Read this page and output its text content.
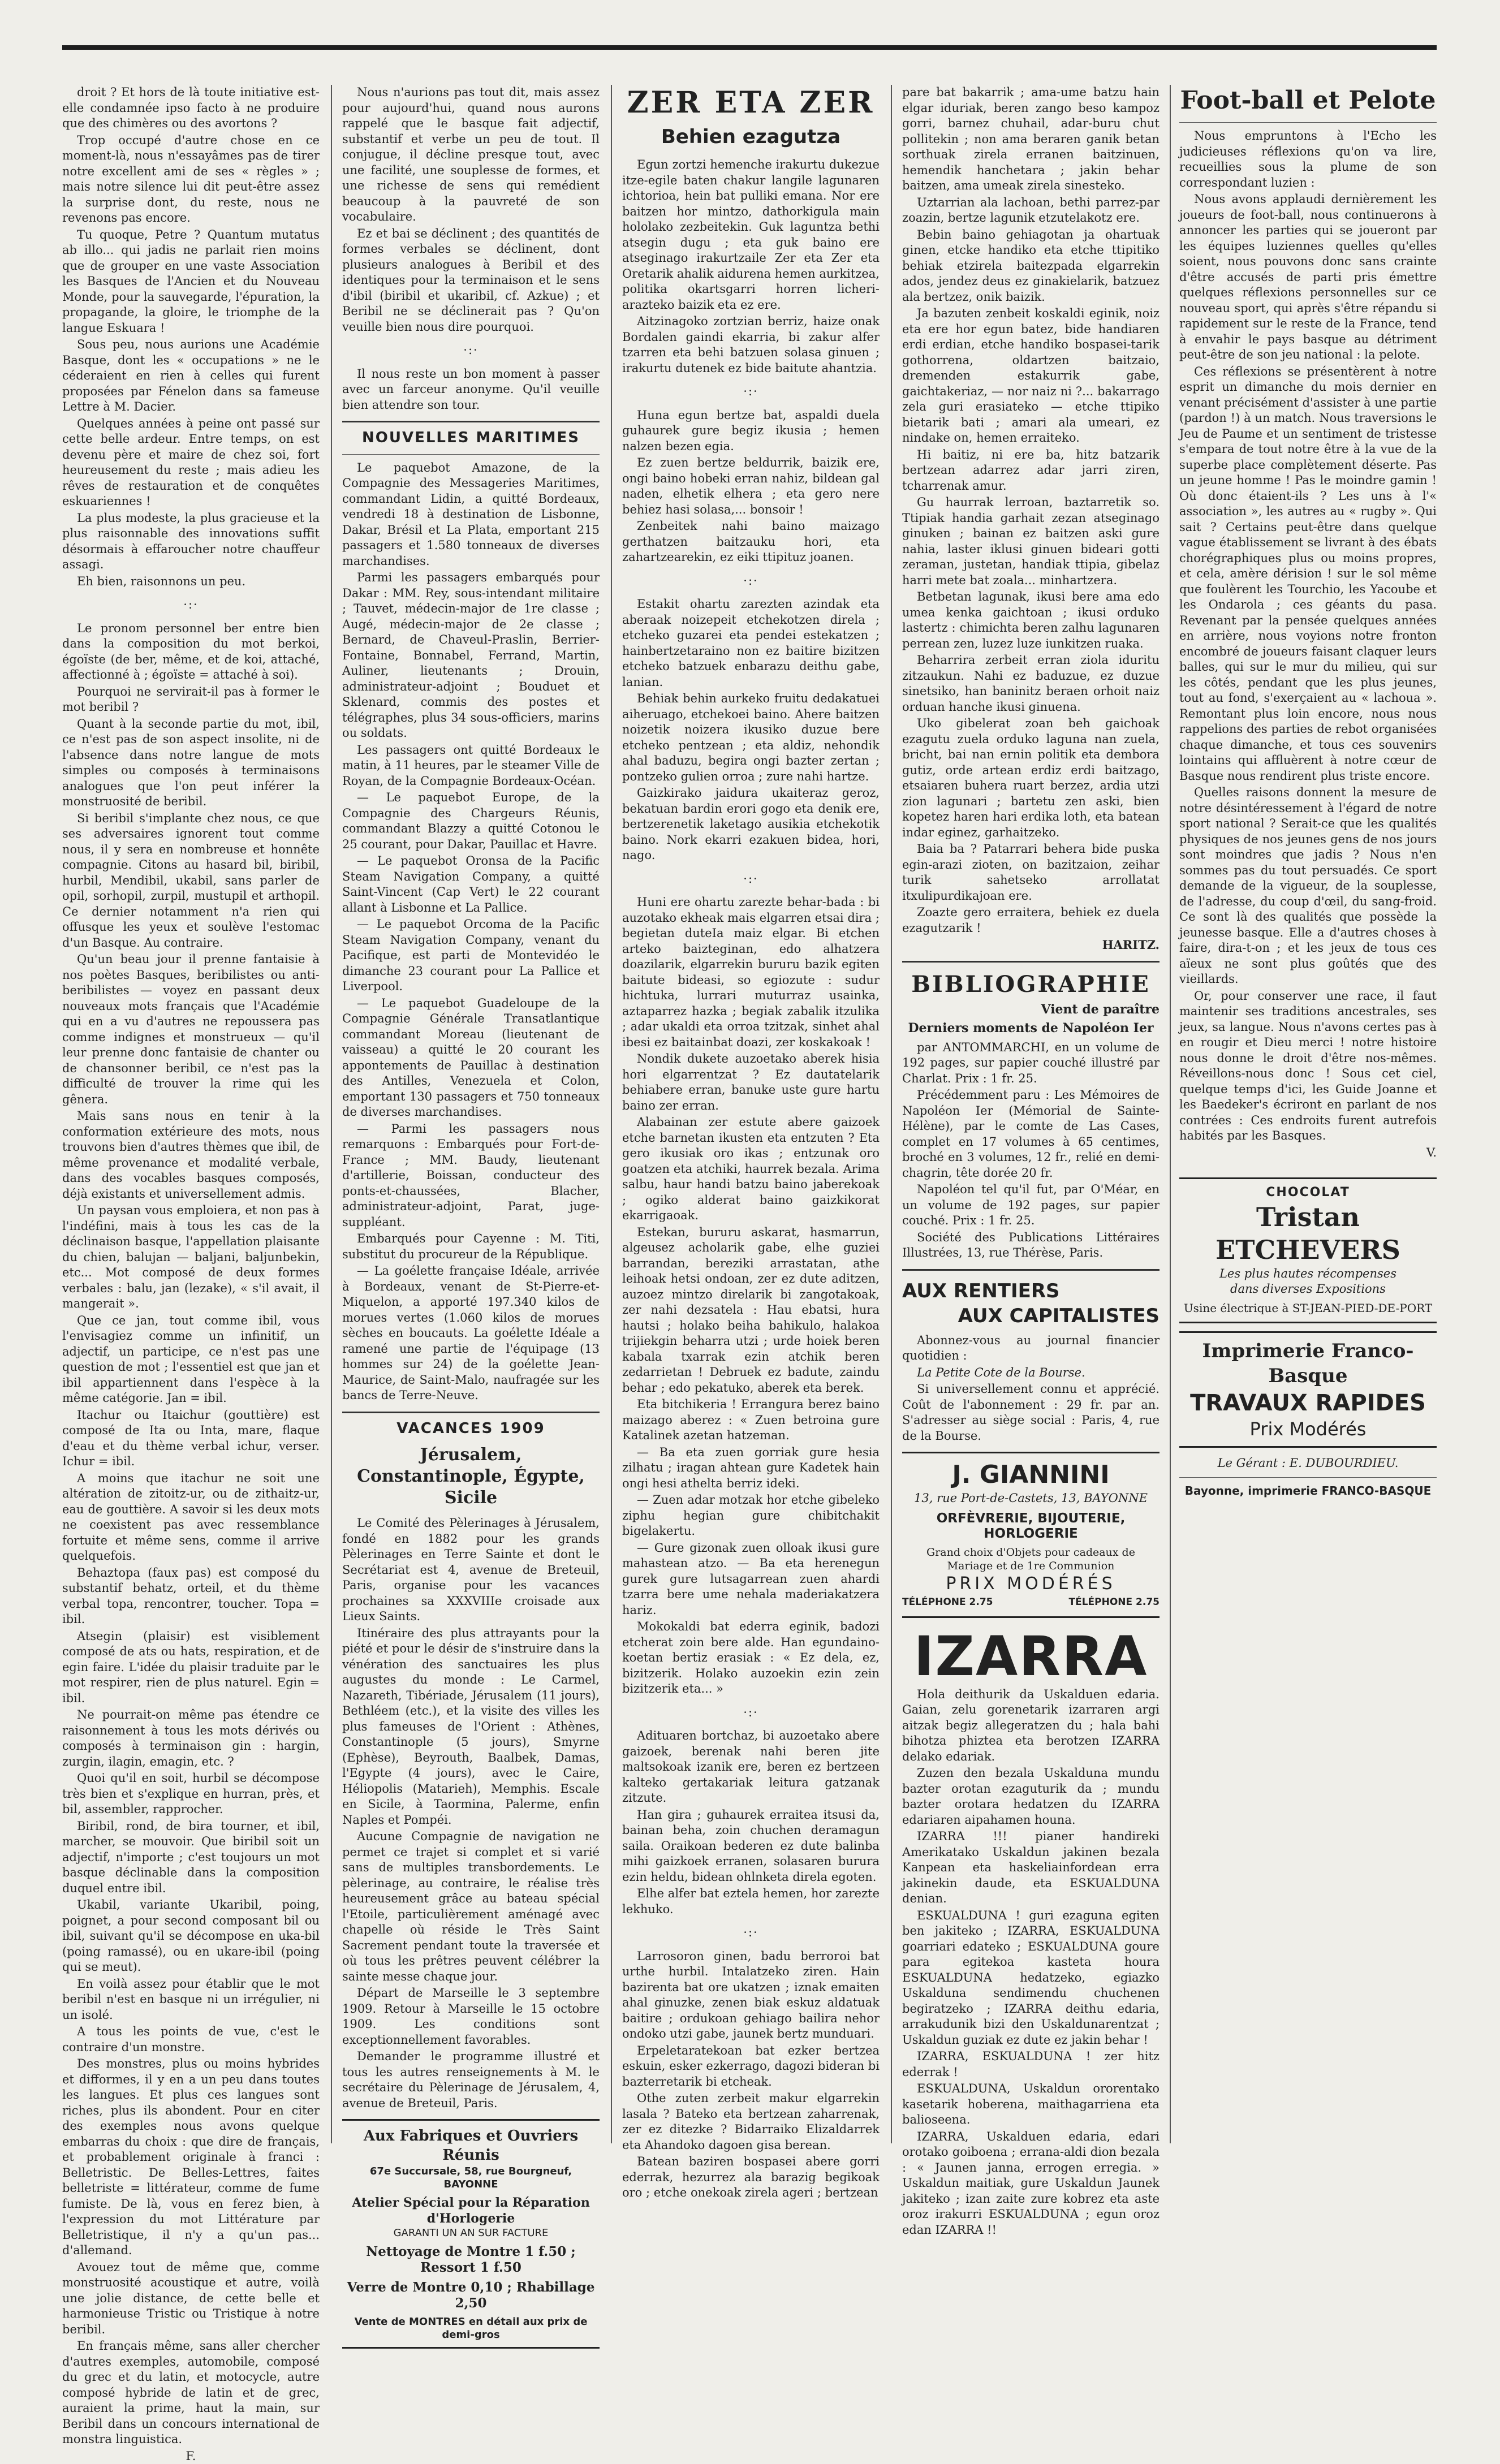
droit ? Et hors de là toute initiative est-elle condamnée ipso facto à ne produire que des chimères ou des avortons ?

Trop occupé d'autre chose en ce moment-là, nous n'essayâmes pas de tirer notre excellent ami de ses « règles » ; mais notre silence lui dit peut-être assez la surprise dont, du reste, nous ne revenons pas encore.

Tu quoque, Petre ? Quantum mutatus ab illo... qui jadis ne parlait rien moins que de grouper en une vaste Association les Basques de l'Ancien et du Nouveau Monde, pour la sauvegarde, l'épuration, la propagande, la gloire, le triomphe de la langue Eskuara !

Sous peu, nous aurions une Académie Basque, dont les « occupations » ne le céderaient en rien à celles qui furent proposées par Fénelon dans sa fameuse Lettre à M. Dacier.

Quelques années à peine ont passé sur cette belle ardeur. Entre temps, on est devenu père et maire de chez soi, fort heureusement du reste ; mais adieu les rêves de restauration et de conquêtes eskuariennes !

La plus modeste, la plus gracieuse et la plus raisonnable des innovations suffit désormais à effaroucher notre chauffeur assagi.

Eh bien, raisonnons un peu.

·:·

Le pronom personnel ber entre bien dans la composition du mot berkoi, égoïste (de ber, même, et de koi, attaché, affectionné à ; égoïste = attaché à soi).

Pourquoi ne servirait-il pas à former le mot beribil ?

Quant à la seconde partie du mot, ibil, ce n'est pas de son aspect insolite, ni de l'absence dans notre langue de mots simples ou composés à terminaisons analogues que l'on peut inférer la monstruosité de beribil.

Si beribil s'implante chez nous, ce que ses adversaires ignorent tout comme nous, il y sera en nombreuse et honnête compagnie. Citons au hasard bil, biribil, hurbil, Mendibil, ukabil, sans parler de opil, sorhopil, zurpil, mustupil et arthopil. Ce dernier notamment n'a rien qui offusque les yeux et soulève l'estomac d'un Basque. Au contraire.

Qu'un beau jour il prenne fantaisie à nos poètes Basques, beribilistes ou anti-beribilistes — voyez en passant deux nouveaux mots français que l'Académie qui en a vu d'autres ne repoussera pas comme indignes et monstrueux — qu'il leur prenne donc fantaisie de chanter ou de chansonner beribil, ce n'est pas la difficulté de trouver la rime qui les gênera.

Mais sans nous en tenir à la conformation extérieure des mots, nous trouvons bien d'autres thèmes que ibil, de même provenance et modalité verbale, dans des vocables basques composés, déjà existants et universellement admis.

Un paysan vous emploiera, et non pas à l'indéfini, mais à tous les cas de la déclinaison basque, l'appellation plaisante du chien, balujan — baljani, baljunbekin, etc... Mot composé de deux formes verbales : balu, jan (lezake), « s'il avait, il mangerait ».

Que ce jan, tout comme ibil, vous l'envisagiez comme un infinitif, un adjectif, un participe, ce n'est pas une question de mot ; l'essentiel est que jan et ibil appartiennent dans l'espèce à la même catégorie. Jan = ibil.

Itachur ou Itaichur (gouttière) est composé de Ita ou Inta, mare, flaque d'eau et du thème verbal ichur, verser. Ichur = ibil.

A moins que itachur ne soit une altération de zitoitz-ur, ou de zithaitz-ur, eau de gouttière. A savoir si les deux mots ne coexistent pas avec ressemblance fortuite et même sens, comme il arrive quelquefois.

Behaztopa (faux pas) est composé du substantif behatz, orteil, et du thème verbal topa, rencontrer, toucher. Topa = ibil.

Atsegin (plaisir) est visiblement composé de ats ou hats, respiration, et de egin faire. L'idée du plaisir traduite par le mot respirer, rien de plus naturel. Egin = ibil.

Ne pourrait-on même pas étendre ce raisonnement à tous les mots dérivés ou composés à terminaison gin : hargin, zurgin, ilagin, emagin, etc. ?

Quoi qu'il en soit, hurbil se décompose très bien et s'explique en hurran, près, et bil, assembler, rapprocher.

Biribil, rond, de bira tourner, et ibil, marcher, se mouvoir. Que biribil soit un adjectif, n'importe ; c'est toujours un mot basque déclinable dans la composition duquel entre ibil.

Ukabil, variante Ukaribil, poing, poignet, a pour second composant bil ou ibil, suivant qu'il se décompose en uka-bil (poing ramassé), ou en ukare-ibil (poing qui se meut).

En voilà assez pour établir que le mot beribil n'est en basque ni un irrégulier, ni un isolé.

A tous les points de vue, c'est le contraire d'un monstre.

Des monstres, plus ou moins hybrides et difformes, il y en a un peu dans toutes les langues. Et plus ces langues sont riches, plus ils abondent. Pour en citer des exemples nous avons quelque embarras du choix : que dire de français, et probablement originale à franci : Belletristic. De Belles-Lettres, faites belletriste = littérateur, comme de fume fumiste. De là, vous en ferez bien, à l'expression du mot Littérature par Belletristique, il n'y a qu'un pas... d'allemand.

Avouez tout de même que, comme monstruosité acoustique et autre, voilà une jolie distance, de cette belle et harmonieuse Tristic ou Tristique à notre beribil.

En français même, sans aller chercher d'autres exemples, automobile, composé du grec et du latin, et motocycle, autre composé hybride de latin et de grec, auraient la prime, haut la main, sur Beribil dans un concours international de monstra linguistica.

F.

Nous n'aurions pas tout dit, mais assez pour aujourd'hui, quand nous aurons rappelé que le basque fait adjectif, substantif et verbe un peu de tout. Il conjugue, il décline presque tout, avec une facilité, une souplesse de formes, et une richesse de sens qui remédient beaucoup à la pauvreté de son vocabulaire.

Ez et bai se déclinent ; des quantités de formes verbales se déclinent, dont plusieurs analogues à Beribil et des identiques pour la terminaison et le sens d'ibil (biribil et ukaribil, cf. Azkue) ; et Beribil ne se déclinerait pas ? Qu'on veuille bien nous dire pourquoi.

·:·

Il nous reste un bon moment à passer avec un farceur anonyme. Qu'il veuille bien attendre son tour.

NOUVELLES MARITIMES

Le paquebot Amazone, de la Compagnie des Messageries Maritimes, commandant Lidin, a quitté Bordeaux, vendredi 18 à destination de Lisbonne, Dakar, Brésil et La Plata, emportant 215 passagers et 1.580 tonneaux de diverses marchandises.

Parmi les passagers embarqués pour Dakar : MM. Rey, sous-intendant militaire ; Tauvet, médecin-major de 1re classe ; Augé, médecin-major de 2e classe ; Bernard, de Chaveul-Praslin, Berrier-Fontaine, Bonnabel, Ferrand, Martin, Auliner, lieutenants ; Drouin, administrateur-adjoint ; Bouduet et Sklenard, commis des postes et télégraphes, plus 34 sous-officiers, marins ou soldats.

Les passagers ont quitté Bordeaux le matin, à 11 heures, par le steamer Ville de Royan, de la Compagnie Bordeaux-Océan.

— Le paquebot Europe, de la Compagnie des Chargeurs Réunis, commandant Blazzy a quitté Cotonou le 25 courant, pour Dakar, Pauillac et Havre.

— Le paquebot Oronsa de la Pacific Steam Navigation Company, a quitté Saint-Vincent (Cap Vert) le 22 courant allant à Lisbonne et La Pallice.

— Le paquebot Orcoma de la Pacific Steam Navigation Company, venant du Pacifique, est parti de Montevidéo le dimanche 23 courant pour La Pallice et Liverpool.

— Le paquebot Guadeloupe de la Compagnie Générale Transatlantique commandant Moreau (lieutenant de vaisseau) a quitté le 20 courant les appontements de Pauillac à destination des Antilles, Venezuela et Colon, emportant 130 passagers et 750 tonneaux de diverses marchandises.

— Parmi les passagers nous remarquons : Embarqués pour Fort-de-France ; MM. Baudy, lieutenant d'artillerie, Boissan, conducteur des ponts-et-chaussées, Blacher, administrateur-adjoint, Parat, juge-suppléant.

Embarqués pour Cayenne : M. Titi, substitut du procureur de la République.

— La goélette française Idéale, arrivée à Bordeaux, venant de St-Pierre-et-Miquelon, a apporté 197.340 kilos de morues vertes (1.060 kilos de morues sèches en boucauts. La goélette Idéale a ramené une partie de l'équipage (13 hommes sur 24) de la goélette Jean-Maurice, de Saint-Malo, naufragée sur les bancs de Terre-Neuve.

VACANCES 1909
Jérusalem, Constantinople, Égypte, Sicile

Le Comité des Pèlerinages à Jérusalem, fondé en 1882 pour les grands Pèlerinages en Terre Sainte et dont le Secrétariat est 4, avenue de Breteuil, Paris, organise pour les vacances prochaines sa XXXVIIIe croisade aux Lieux Saints.

Itinéraire des plus attrayants pour la piété et pour le désir de s'instruire dans la vénération des sanctuaires les plus augustes du monde : Le Carmel, Nazareth, Tibériade, Jérusalem (11 jours), Bethléem (etc.), et la visite des villes les plus fameuses de l'Orient : Athènes, Constantinople (5 jours), Smyrne (Ephèse), Beyrouth, Baalbek, Damas, l'Egypte (4 jours), avec le Caire, Héliopolis (Matarieh), Memphis. Escale en Sicile, à Taormina, Palerme, enfin Naples et Pompéi.

Aucune Compagnie de navigation ne permet ce trajet si complet et si varié sans de multiples transbordements. Le pèlerinage, au contraire, le réalise très heureusement grâce au bateau spécial l'Etoile, particulièrement aménagé avec chapelle où réside le Très Saint Sacrement pendant toute la traversée et où tous les prêtres peuvent célébrer la sainte messe chaque jour.

Départ de Marseille le 3 septembre 1909. Retour à Marseille le 15 octobre 1909. Les conditions sont exceptionnellement favorables.

Demander le programme illustré et tous les autres renseignements à M. le secrétaire du Pèlerinage de Jérusalem, 4, avenue de Breteuil, Paris.

Aux Fabriques et Ouvriers Réunis
67e Succursale, 58, rue Bourgneuf, BAYONNE
Atelier Spécial pour la Réparation d'Horlogerie
GARANTI UN AN SUR FACTURE
Nettoyage de Montre 1 f.50 ; Ressort 1 f.50
Verre de Montre 0,10 ; Rhabillage 2,50
Vente de MONTRES en détail aux prix de demi-gros
ZER ETA ZER
Behien ezagutza

Egun zortzi hemenche irakurtu dukezue itze-egile baten chakur langile lagunaren ichtorioa, hein bat pulliki emana. Nor ere baitzen hor mintzo, dathorkigula main hololako zezbeitekin. Guk laguntza bethi atsegin dugu ; eta guk baino ere atseginago irakurtzaile Zer eta Zer eta Oretarik ahalik aidurena hemen aurkitzea, politika okartsgarri horren licheri-arazteko baizik eta ez ere.

Aitzinagoko zortzian berriz, haize onak Bordalen gaindi ekarria, bi zakur alfer tzarren eta behi batzuen solasa ginuen ; irakurtu dutenek ez bide baitute ahantzia.

·:·

Huna egun bertze bat, aspaldi duela guhaurek gure begiz ikusia ; hemen nalzen bezen egia.

Ez zuen bertze beldurrik, baizik ere, ongi baino hobeki erran nahiz, bildean gal naden, elhetik elhera ; eta gero nere behiez hasi solasa,... bonsoir !

Zenbeitek nahi baino maizago gerthatzen baitzauku hori, eta zahartzearekin, ez eiki ttipituz joanen.

·:·

Estakit ohartu zarezten azindak eta aberaak noizepeit etchekotzen direla ; etcheko guzarei eta pendei estekatzen ; hainbertzetaraino non ez baitire bizitzen etcheko batzuek enbarazu deithu gabe, lanian.

Behiak behin aurkeko fruitu dedakatuei aiheruago, etchekoei baino. Ahere baitzen noizetik noizera ikusiko duzue bere etcheko pentzean ; eta aldiz, nehondik ahal baduzu, begira ongi bazter zertan ; pontzeko gulien orroa ; zure nahi hartze.

Gaizkirako jaidura ukaiteraz geroz, bekatuan bardin erori gogo eta denik ere, bertzerenetik laketago ausikia etchekotik baino. Nork ekarri ezakuen bidea, hori, nago.

·:·

Huni ere ohartu zarezte behar-bada : bi auzotako ekheak mais elgarren etsai dira ; begietan duteIa maiz elgar. Bi etchen arteko baizteginan, edo alhatzera doazilarik, elgarrekin bururu bazik egiten baitute bideasi, so egiozute : sudur hichtuka, lurrari muturraz usainka, aztaparrez hazka ; begiak zabalik itzulika ; adar ukaldi eta orroa tzitzak, sinhet ahal ibesi ez baitainbat doazi, zer koskakoak !

Nondik dukete auzoetako aberek hisia hori elgarrentzat ? Ez dautatelarik behiabere erran, banuke uste gure hartu baino zer erran.

Alabainan zer estute abere gaizoek etche barnetan ikusten eta entzuten ? Eta gero ikusiak oro ikas ; entzunak oro goatzen eta atchiki, haurrek bezala. Arima salbu, haur handi batzu baino jaberekoak ; ogiko alderat baino gaizkikorat ekarrigaoak.

Estekan, bururu askarat, hasmarrun, algeusez acholarik gabe, elhe guziei barrandan, bereziki arrastatan, athe leihoak hetsi ondoan, zer ez dute aditzen, auzoez mintzo direlarik bi zangotakoak, zer nahi dezsatela : Hau ebatsi, hura hautsi ; holako beiha bahikulo, halakoa trijiekgin beharra utzi ; urde hoiek beren kabala txarrak ezin atchik beren zedarrietan ! Debruek ez badute, zaindu behar ; edo pekatuko, aberek eta berek.

Eta bitchikeria ! Errangura berez baino maizago aberez : « Zuen betroina gure Katalinek azetan hatzeman.

— Ba eta zuen gorriak gure hesia zilhatu ; iragan ahtean gure Kadetek hain ongi hesi athelta berriz ideki.

— Zuen adar motzak hor etche gibeleko ziphu hegian gure chibitchakit bigelakertu.

— Gure gizonak zuen olloak ikusi gure mahastean atzo. — Ba eta herenegun gurek gure lutsagarrean zuen ahardi tzarra bere ume nehala maderiakatzera hariz.

Mokokaldi bat ederra eginik, badozi etcherat zoin bere alde. Han egundaino-koetan bertiz erasiak : « Ez dela, ez, bizitzerik. Holako auzoekin ezin zein bizitzerik eta... »

·:·

Adituaren bortchaz, bi auzoetako abere gaizoek, berenak nahi beren jite maltsokoak izanik ere, beren ez bertzeen kalteko gertakariak leitura gatzanak zitzute.

Han gira ; guhaurek erraitea itsusi da, bainan beha, zoin chuchen deramagun saila. Oraikoan bederen ez dute balinba mihi gaizkoek erranen, solasaren burura ezin heldu, bidean ohlnketa direla egoten.

Elhe alfer bat eztela hemen, hor zarezte lekhuko.

·:·

Larrosoron ginen, badu berroroi bat urthe hurbil. Intalatzeko ziren. Hain bazirenta bat ore ukatzen ; iznak emaiten ahal ginuzke, zenen biak eskuz aldatuak baitire ; ordukoan gehiago bailira nehor ondoko utzi gabe, jaunek bertz munduari.

Erpeletaratekoan bat ezker bertzea eskuin, esker ezkerrago, dagozi bideran bi bazterretarik bi etcheak.

Othe zuten zerbeit makur elgarrekin lasala ? Bateko eta bertzean zaharrenak, zer ez ditezke ? Bidarraiko Elizaldarrek eta Ahandoko dagoen gisa berean.

Batean baziren bospasei abere gorri ederrak, hezurrez ala barazig begikoak oro ; etche onekoak zirela ageri ; bertzean

pare bat bakarrik ; ama-ume batzu hain elgar iduriak, beren zango beso kampoz gorri, barnez chuhail, adar-buru chut pollitekin ; non ama beraren ganik betan sorthuak zirela erranen baitzinuen, hemendik hanchetara ; jakin behar baitzen, ama umeak zirela sinesteko.

Uztarrian ala lachoan, bethi parrez-par zoazin, bertze lagunik etzutelakotz ere.

Bebin baino gehiagotan ja ohartuak ginen, etcke handiko eta etche ttipitiko behiak etzirela baitezpada elgarrekin ados, jendez deus ez ginakielarik, batzuez ala bertzez, onik baizik.

Ja bazuten zenbeit koskaldi eginik, noiz eta ere hor egun batez, bide handiaren erdi erdian, etche handiko bospasei-tarik gothorrena, oldartzen baitzaio, dremenden estakurrik gabe, gaichtakeriaz, — nor naiz ni ?... bakarrago zela guri erasiateko — etche ttipiko bietarik bati ; amari ala umeari, ez nindake on, hemen erraiteko.

Hi baitiz, ni ere ba, hitz batzarik bertzean adarrez adar jarri ziren, tcharrenak amur.

Gu haurrak lerroan, baztarretik so. Ttipiak handia garhait zezan atseginago ginuken ; bainan ez baitzen aski gure nahia, laster iklusi ginuen bideari gotti zeraman, justetan, handiak ttipia, gibelaz harri mete bat zoala... minhartzera.

Betbetan lagunak, ikusi bere ama edo umea kenka gaichtoan ; ikusi orduko lastertz : chimichta beren zalhu lagunaren perrean zen, luzez luze iunkitzen ruaka.

Beharrira zerbeit erran ziola iduritu zitzaukun. Nahi ez baduzue, ez duzue sinetsiko, han baninitz beraen orhoit naiz orduan hanche ikusi ginuena.

Uko gibelerat zoan beh gaichoak ezagutu zuela orduko laguna nan zuela, bricht, bai nan ernin politik eta dembora gutiz, orde artean erdiz erdi baitzago, etsaiaren buhera ruart berzez, ardia utzi zion lagunari ; bartetu zen aski, bien kopetez haren hari erdika loth, eta batean indar eginez, garhaitzeko.

Baia ba ? Patarrari behera bide puska egin-arazi zioten, on bazitzaion, zeihar turik sahetseko arrollatat itxulipurdikajoan ere.

Zoazte gero erraitera, behiek ez duela ezagutzarik !

HARITZ.
BIBLIOGRAPHIE
Vient de paraître
Derniers moments de Napoléon Ier

par ANTOMMARCHI, en un volume de 192 pages, sur papier couché illustré par Charlat. Prix : 1 fr. 25.

Précédemment paru : Les Mémoires de Napoléon Ier (Mémorial de Sainte-Hélène), par le comte de Las Cases, complet en 17 volumes à 65 centimes, broché en 3 volumes, 12 fr., relié en demi-chagrin, tête dorée 20 fr.

Napoléon tel qu'il fut, par O'Méar, en un volume de 192 pages, sur papier couché. Prix : 1 fr. 25.

Société des Publications Littéraires Illustrées, 13, rue Thérèse, Paris.

AUX RENTIERS
AUX CAPITALISTES

Abonnez-vous au journal financier quotidien :

La Petite Cote de la Bourse.

Si universellement connu et apprécié. Coût de l'abonnement : 29 fr. par an. S'adresser au siège social : Paris, 4, rue de la Bourse.

J. GIANNINI
13, rue Port-de-Castets, 13, BAYONNE
ORFÈVRERIE, BIJOUTERIE,
HORLOGERIE
Grand choix d'Objets pour cadeaux de Mariage et de 1re Communion
PRIX MODÉRÉS
TÉLÉPHONE 2.75	TÉLÉPHONE 2.75
IZARRA

Hola deithurik da Uskalduen edaria. Gaian, zelu gorenetarik izarraren argi aitzak begiz allegeratzen du ; hala bahi bihotza phiztea eta berotzen IZARRA delako edariak.

Zuzen den bezala Uskalduna mundu bazter orotan ezaguturik da ; mundu bazter orotara hedatzen du IZARRA edariaren aipahamen houna.

IZARRA !!! pianer handireki Amerikatako Uskaldun jakinen bezala Kanpean eta haskeliainfordean erra jakinekin daude, eta ESKUALDUNA denian.

ESKUALDUNA ! guri ezaguna egiten ben jakiteko ; IZARRA, ESKUALDUNA goarriari edateko ; ESKUALDUNA goure para egitekoa kasteta houra ESKUALDUNA hedatzeko, egiazko Uskalduna sendimendu chuchenen begiratzeko ; IZARRA deithu edaria, arrakudunik bizi den Uskaldunarentzat ; Uskaldun guziak ez dute ez jakin behar !

IZARRA, ESKUALDUNA ! zer hitz ederrak !

ESKUALDUNA, Uskaldun ororentako kasetarik hoberena, maithagarriena eta balioseena.

IZARRA, Uskalduen edaria, edari orotako goiboena ; errana-aldi dion bezala : « Jaunen janna, errogen erregia. » Uskaldun maitiak, gure Uskaldun Jaunek jakiteko ; izan zaite zure kobrez eta aste oroz irakurri ESKUALDUNA ; egun oroz edan IZARRA !!

Foot-ball et Pelote

Nous empruntons à l'Echo les judicieuses réflexions qu'on va lire, recueillies sous la plume de son correspondant luzien :

Nous avons applaudi dernièrement les joueurs de foot-ball, nous continuerons à annoncer les parties qui se joueront par les équipes luziennes quelles qu'elles soient, nous pouvons donc sans crainte d'être accusés de parti pris émettre quelques réflexions personnelles sur ce nouveau sport, qui après s'être répandu si rapidement sur le reste de la France, tend à envahir le pays basque au détriment peut-être de son jeu national : la pelote.

Ces réflexions se présentèrent à notre esprit un dimanche du mois dernier en venant précisément d'assister à une partie (pardon !) à un match. Nous traversions le Jeu de Paume et un sentiment de tristesse s'empara de tout notre être à la vue de la superbe place complètement déserte. Pas un jeune homme ! Pas le moindre gamin ! Où donc étaient-ils ? Les uns à l'« association », les autres au « rugby ». Qui sait ? Certains peut-être dans quelque vague établissement se livrant à des ébats chorégraphiques plus ou moins propres, et cela, amère dérision ! sur le sol même que foulèrent les Tourchio, les Yacoube et les Ondarola ; ces géants du pasa. Revenant par la pensée quelques années en arrière, nous voyions notre fronton encombré de joueurs faisant claquer leurs balles, qui sur le mur du milieu, qui sur les côtés, pendant que les plus jeunes, tout au fond, s'exerçaient au « lachoua ». Remontant plus loin encore, nous nous rappelions des parties de rebot organisées chaque dimanche, et tous ces souvenirs lointains qui affluèrent à notre cœur de Basque nous rendirent plus triste encore.

Quelles raisons donnent la mesure de notre désintéressement à l'égard de notre sport national ? Serait-ce que les qualités physiques de nos jeunes gens de nos jours sont moindres que jadis ? Nous n'en sommes pas du tout persuadés. Ce sport demande de la vigueur, de la souplesse, de l'adresse, du coup d'œil, du sang-froid. Ce sont là des qualités que possède la jeunesse basque. Elle a d'autres choses à faire, dira-t-on ; et les jeux de tous ces aïeux ne sont plus goûtés que des vieillards.

Or, pour conserver une race, il faut maintenir ses traditions ancestrales, ses jeux, sa langue. Nous n'avons certes pas à en rougir et Dieu merci ! notre histoire nous donne le droit d'être nos-mêmes. Réveillons-nous donc ! Sous cet ciel, quelque temps d'ici, les Guide Joanne et les Baedeker's écriront en parlant de nos contrées : Ces endroits furent autrefois habités par les Basques.

V.
CHOCOLAT
Tristan ETCHEVERS
Les plus hautes récompenses
dans diverses Expositions
Usine électrique à ST-JEAN-PIED-DE-PORT
Imprimerie Franco-Basque
TRAVAUX RAPIDES
Prix Modérés
Le Gérant : E. DUBOURDIEU.
Bayonne, imprimerie FRANCO-BASQUE
